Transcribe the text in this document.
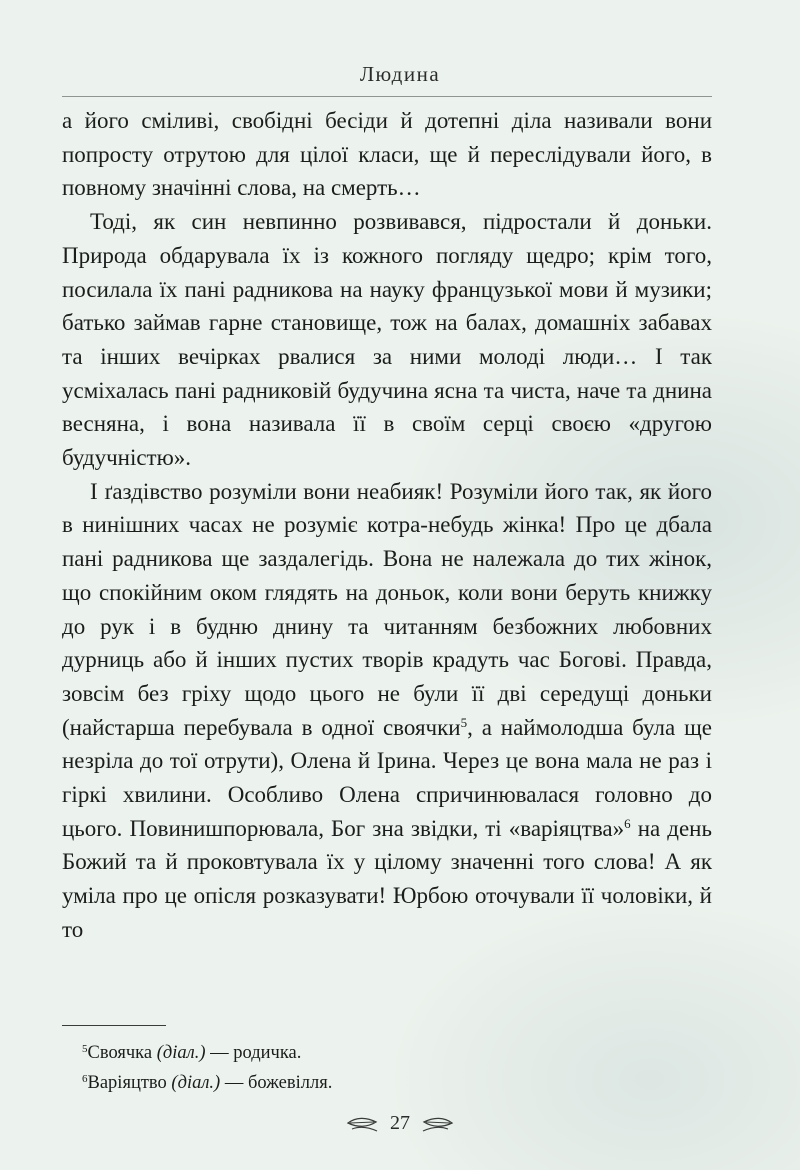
Людина

а його сміливі, свобідні бесіди й дотепні діла називали вони попросту отрутою для цілої класи, ще й переслідували його, в повному значінні слова, на смерть…

Тоді, як син невпинно розвивався, підростали й доньки. Природа обдарувала їх із кожного погляду щедро; крім того, посилала їх пані радникова на науку французької мови й музики; батько займав гарне становище, тож на балах, домашніх забавах та інших вечірках рвалися за ними молоді люди… І так усміхалась пані радниковій будучина ясна та чиста, наче та днина весняна, і вона називала її в своїм серці своєю «другою будучністю».

І ґаздівство розуміли вони неабияк! Розуміли його так, як його в нинішних часах не розуміє котра-небудь жінка! Про це дбала пані радникова ще заздалегідь. Вона не належала до тих жінок, що спокійним оком глядять на доньок, коли вони беруть книжку до рук і в будню днину та читанням безбожних любовних дурниць або й інших пустих творів крадуть час Богові. Правда, зовсім без гріху щодо цього не були її дві середущі доньки (найстарша перебувала в одної своячки$^5$, а наймолодша була ще незріла до тої отрути), Олена й Ірина. Через це вона мала не раз і гіркі хвилини. Особливо Олена спричинювалася головно до цього. Повинишпорювала, Бог зна звідки, ті «варіяцтва»$^6$ на день Божий та й проковтувала їх у цілому значенні того слова! А як уміла про це опісля розказувати! Юрбою оточували її чоловіки, й то

$^5$Своячка (діал.) — родичка.

$^6$Варіяцтво (діал.) — божевілля.

27
